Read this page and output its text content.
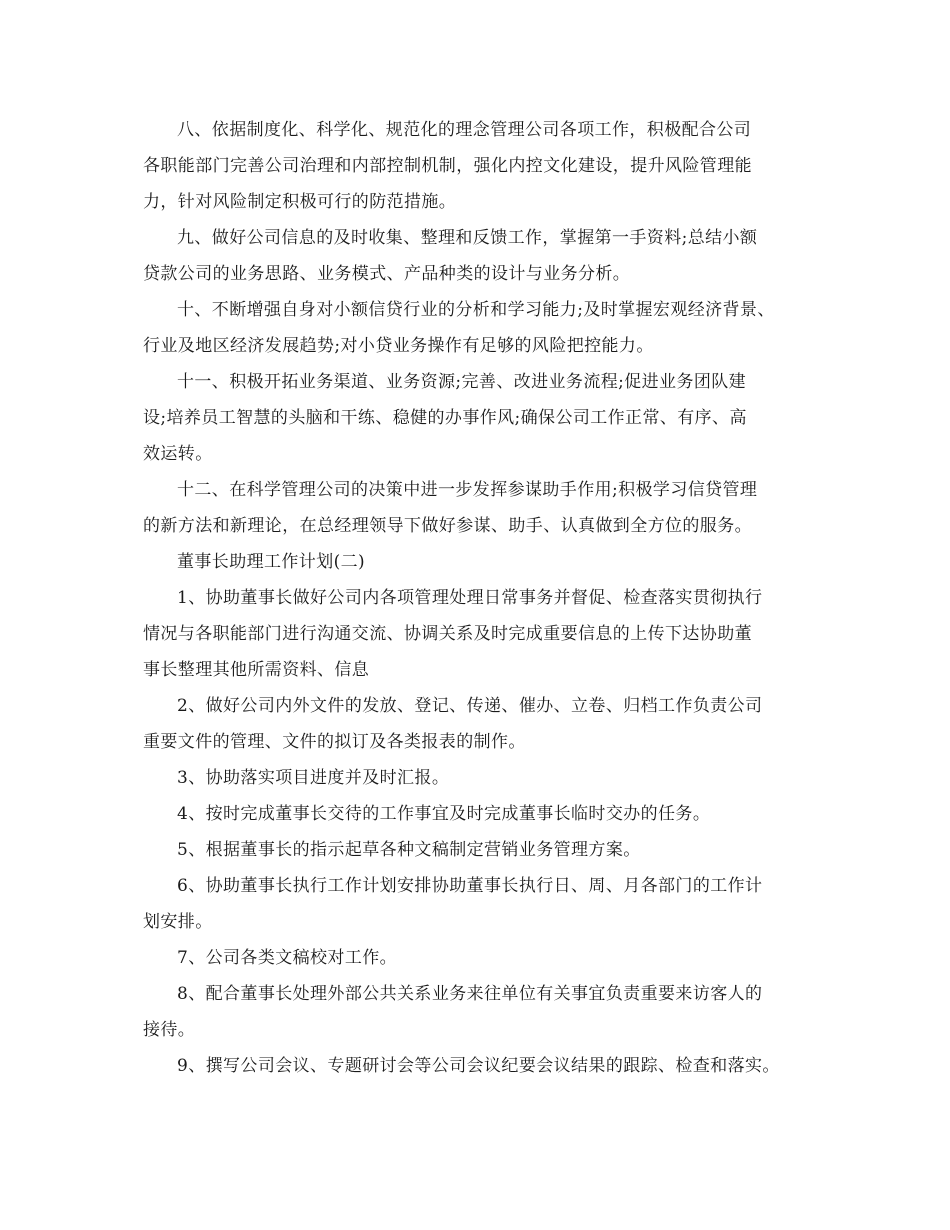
八、依据制度化、科学化、规范化的理念管理公司各项工作，积极配合公司
各职能部门完善公司治理和内部控制机制，强化内控文化建设，提升风险管理能
力，针对风险制定积极可行的防范措施。
九、做好公司信息的及时收集、整理和反馈工作，掌握第一手资料;总结小额
贷款公司的业务思路、业务模式、产品种类的设计与业务分析。
十、不断增强自身对小额信贷行业的分析和学习能力;及时掌握宏观经济背景、
行业及地区经济发展趋势;对小贷业务操作有足够的风险把控能力。
十一、积极开拓业务渠道、业务资源;完善、改进业务流程;促进业务团队建
设;培养员工智慧的头脑和干练、稳健的办事作风;确保公司工作正常、有序、高
效运转。
十二、在科学管理公司的决策中进一步发挥参谋助手作用;积极学习信贷管理
的新方法和新理论，在总经理领导下做好参谋、助手、认真做到全方位的服务。
董事长助理工作计划(二)
1、协助董事长做好公司内各项管理处理日常事务并督促、检查落实贯彻执行
情况与各职能部门进行沟通交流、协调关系及时完成重要信息的上传下达协助董
事长整理其他所需资料、信息
2、做好公司内外文件的发放、登记、传递、催办、立卷、归档工作负责公司
重要文件的管理、文件的拟订及各类报表的制作。
3、协助落实项目进度并及时汇报。
4、按时完成董事长交待的工作事宜及时完成董事长临时交办的任务。
5、根据董事长的指示起草各种文稿制定营销业务管理方案。
6、协助董事长执行工作计划安排协助董事长执行日、周、月各部门的工作计
划安排。
7、公司各类文稿校对工作。
8、配合董事长处理外部公共关系业务来往单位有关事宜负责重要来访客人的
接待。
9、撰写公司会议、专题研讨会等公司会议纪要会议结果的跟踪、检查和落实。
